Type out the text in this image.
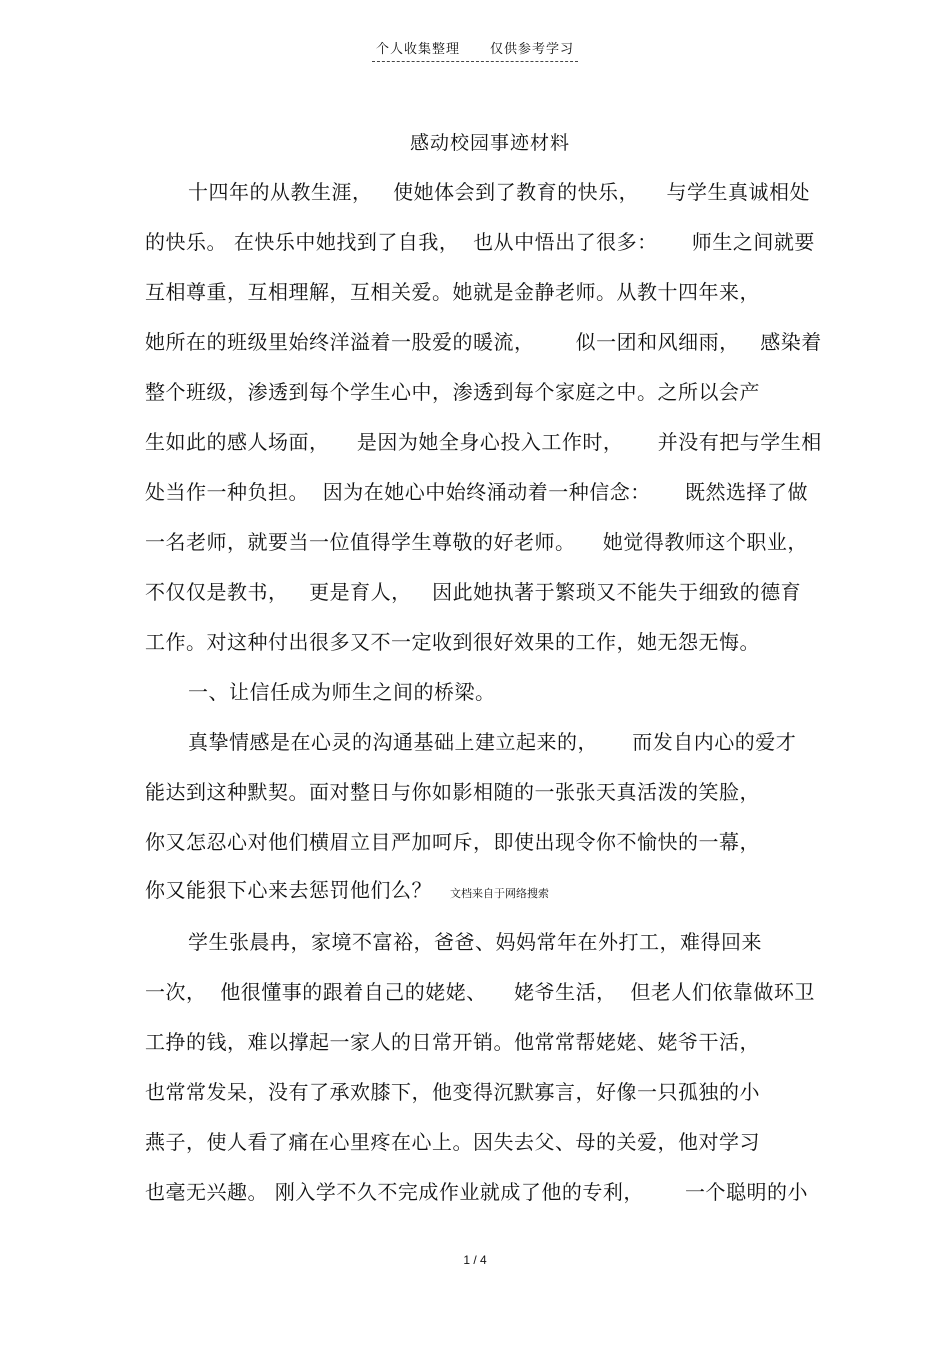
个人收集整理 仅供参考学习
感动校园事迹材料
十四年的从教生涯，   使她体会到了教育的快乐，    与学生真诚相处
的快乐。 在快乐中她找到了自我，  也从中悟出了很多：     师生之间就要
互相尊重，互相理解，互相关爱。她就是金静老师。从教十四年来，
她所在的班级里始终洋溢着一股爱的暖流，      似一团和风细雨，   感染着
整个班级，渗透到每个学生心中，渗透到每个家庭之中。之所以会产
生如此的感人场面，    是因为她全身心投入工作时，     并没有把与学生相
处当作一种负担。  因为在她心中始终涌动着一种信念：     既然选择了做
一名老师，就要当一位值得学生尊敬的好老师。    她觉得教师这个职业，
不仅仅是教书，   更是育人，   因此她执著于繁琐又不能失于细致的德育
工作。对这种付出很多又不一定收到很好效果的工作，她无怨无悔。
一、让信任成为师生之间的桥梁。
真挚情感是在心灵的沟通基础上建立起来的，     而发自内心的爱才
能达到这种默契。面对整日与你如影相随的一张张天真活泼的笑脸，
你又怎忍心对他们横眉立目严加呵斥，即使出现令你不愉快的一幕，
你又能狠下心来去惩罚他们么？ 文档来自于网络搜索
学生张晨冉，家境不富裕，爸爸、妈妈常年在外打工，难得回来
一次，  他很懂事的跟着自己的姥姥、    姥爷生活，  但老人们依靠做环卫
工挣的钱，难以撑起一家人的日常开销。他常常帮姥姥、姥爷干活，
也常常发呆，没有了承欢膝下，他变得沉默寡言，好像一只孤独的小
燕子，使人看了痛在心里疼在心上。因失去父、母的关爱，他对学习
也毫无兴趣。 刚入学不久不完成作业就成了他的专利，      一个聪明的小
1 / 4
